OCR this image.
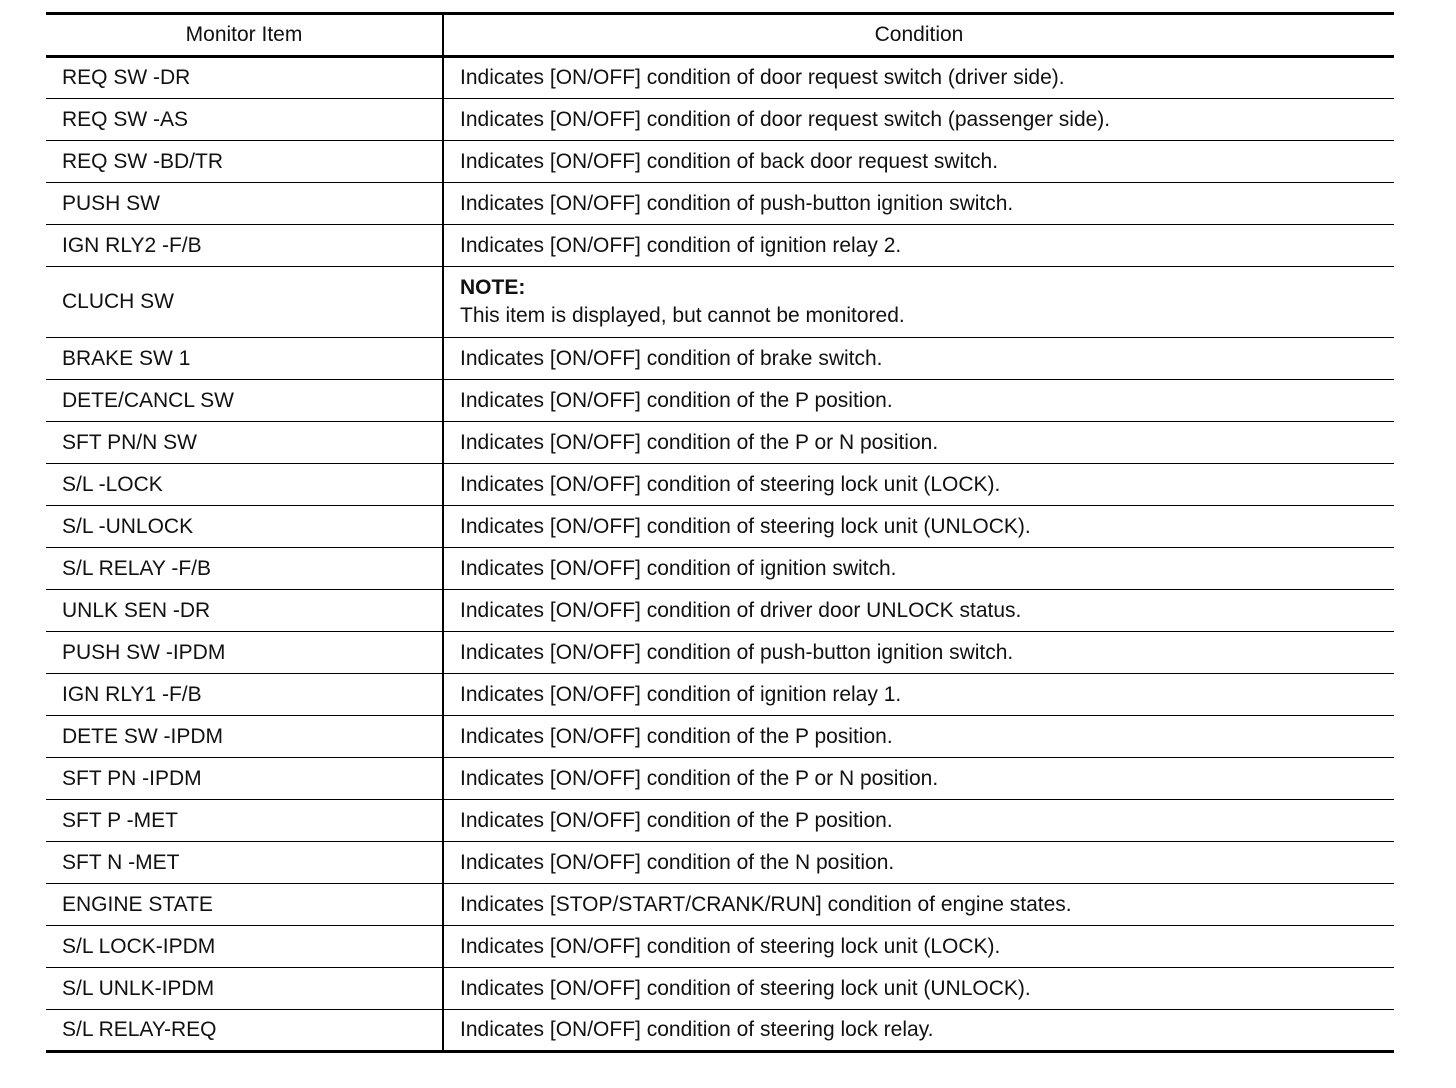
Monitor Item	Condition
REQ SW -DR	Indicates [ON/OFF] condition of door request switch (driver side).
REQ SW -AS	Indicates [ON/OFF] condition of door request switch (passenger side).
REQ SW -BD/TR	Indicates [ON/OFF] condition of back door request switch.
PUSH SW	Indicates [ON/OFF] condition of push-button ignition switch.
IGN RLY2 -F/B	Indicates [ON/OFF] condition of ignition relay 2.
CLUCH SW	NOTE:
This item is displayed, but cannot be monitored.

BRAKE SW 1	Indicates [ON/OFF] condition of brake switch.
DETE/CANCL SW	Indicates [ON/OFF] condition of the P position.
SFT PN/N SW	Indicates [ON/OFF] condition of the P or N position.
S/L -LOCK	Indicates [ON/OFF] condition of steering lock unit (LOCK).
S/L -UNLOCK	Indicates [ON/OFF] condition of steering lock unit (UNLOCK).
S/L RELAY -F/B	Indicates [ON/OFF] condition of ignition switch.
UNLK SEN -DR	Indicates [ON/OFF] condition of driver door UNLOCK status.
PUSH SW -IPDM	Indicates [ON/OFF] condition of push-button ignition switch.
IGN RLY1 -F/B	Indicates [ON/OFF] condition of ignition relay 1.
DETE SW -IPDM	Indicates [ON/OFF] condition of the P position.
SFT PN -IPDM	Indicates [ON/OFF] condition of the P or N position.
SFT P -MET	Indicates [ON/OFF] condition of the P position.
SFT N -MET	Indicates [ON/OFF] condition of the N position.
ENGINE STATE	Indicates [STOP/START/CRANK/RUN] condition of engine states.
S/L LOCK-IPDM	Indicates [ON/OFF] condition of steering lock unit (LOCK).
S/L UNLK-IPDM	Indicates [ON/OFF] condition of steering lock unit (UNLOCK).
S/L RELAY-REQ	Indicates [ON/OFF] condition of steering lock relay.
